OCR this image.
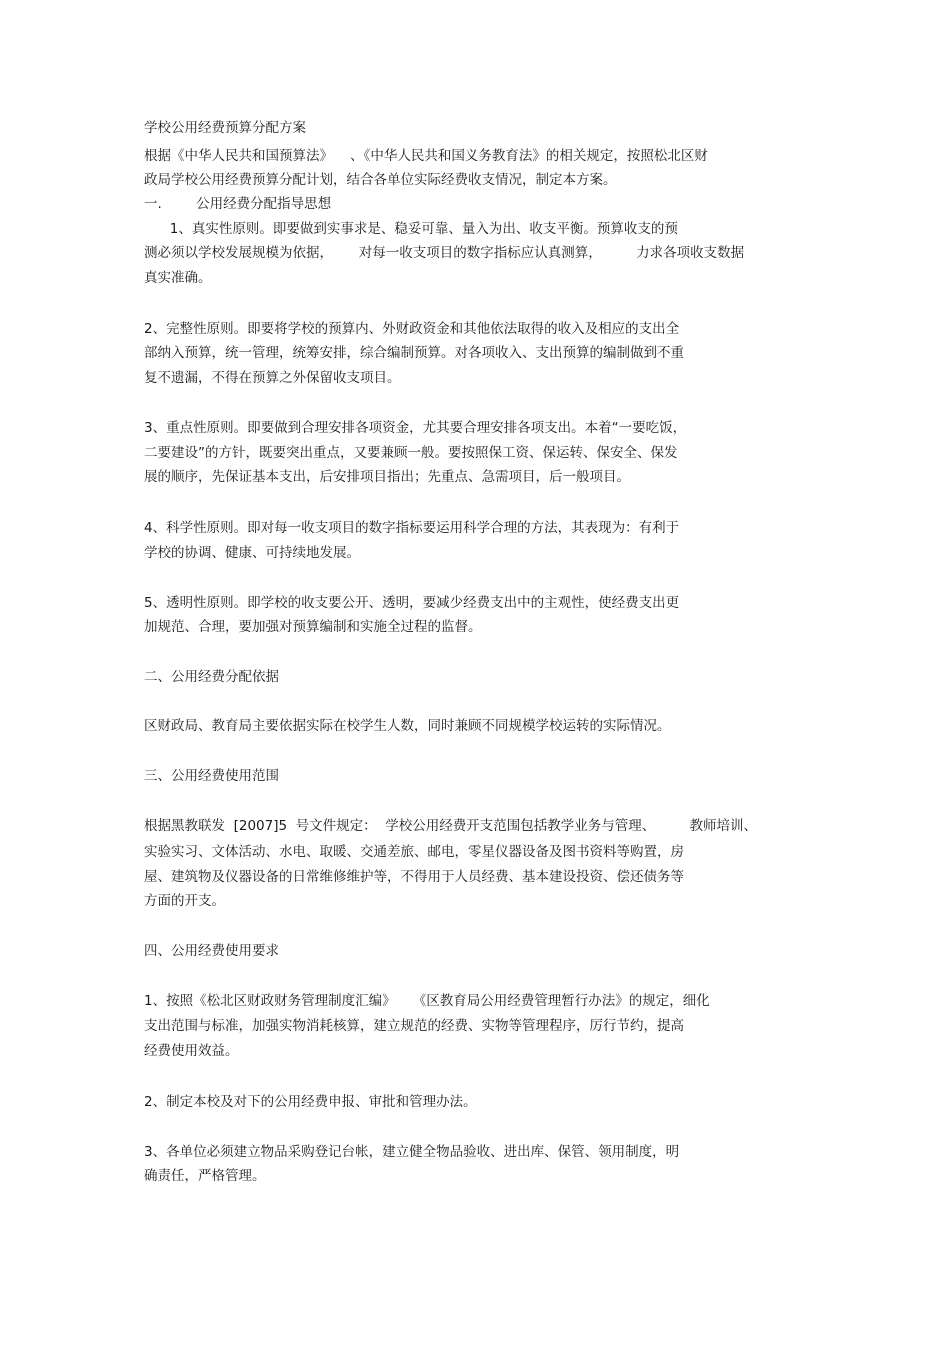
学校公用经费预算分配方案

根据《中华人民共和国预算法》    、《中华人民共和国义务教育法》的相关规定，按照松北区财

政局学校公用经费预算分配计划，结合各单位实际经费收支情况，制定本方案。

一.        公用经费分配指导思想

1、真实性原则。即要做到实事求是、稳妥可靠、量入为出、收支平衡。预算收支的预

测必须以学校发展规模为依据，      对每一收支项目的数字指标应认真测算，        力求各项收支数据

真实准确。

2、完整性原则。即要将学校的预算内、外财政资金和其他依法取得的收入及相应的支出全

部纳入预算，统一管理，统筹安排，综合编制预算。对各项收入、支出预算的编制做到不重

复不遗漏，不得在预算之外保留收支项目。

3、重点性原则。即要做到合理安排各项资金，尤其要合理安排各项支出。本着“一要吃饭，

二要建设”的方针，既要突出重点，又要兼顾一般。要按照保工资、保运转、保安全、保发

展的顺序，先保证基本支出，后安排项目指出；先重点、急需项目，后一般项目。

4、科学性原则。即对每一收支项目的数字指标要运用科学合理的方法，其表现为：有利于

学校的协调、健康、可持续地发展。

5、透明性原则。即学校的收支要公开、透明，要减少经费支出中的主观性，使经费支出更

加规范、合理，要加强对预算编制和实施全过程的监督。

二、公用经费分配依据

区财政局、教育局主要依据实际在校学生人数，同时兼顾不同规模学校运转的实际情况。

三、公用经费使用范围

根据黑教联发  [2007]5  号文件规定：  学校公用经费开支范围包括教学业务与管理、        教师培训、

实验实习、文体活动、水电、取暖、交通差旅、邮电，零星仪器设备及图书资料等购置，房

屋、建筑物及仪器设备的日常维修维护等，不得用于人员经费、基本建设投资、偿还债务等

方面的开支。

四、公用经费使用要求

1、按照《松北区财政财务管理制度汇编》    《区教育局公用经费管理暂行办法》的规定，细化

支出范围与标准，加强实物消耗核算，建立规范的经费、实物等管理程序，厉行节约，提高

经费使用效益。

2、制定本校及对下的公用经费申报、审批和管理办法。

3、各单位必须建立物品采购登记台帐，建立健全物品验收、进出库、保管、领用制度，明

确责任，严格管理。
